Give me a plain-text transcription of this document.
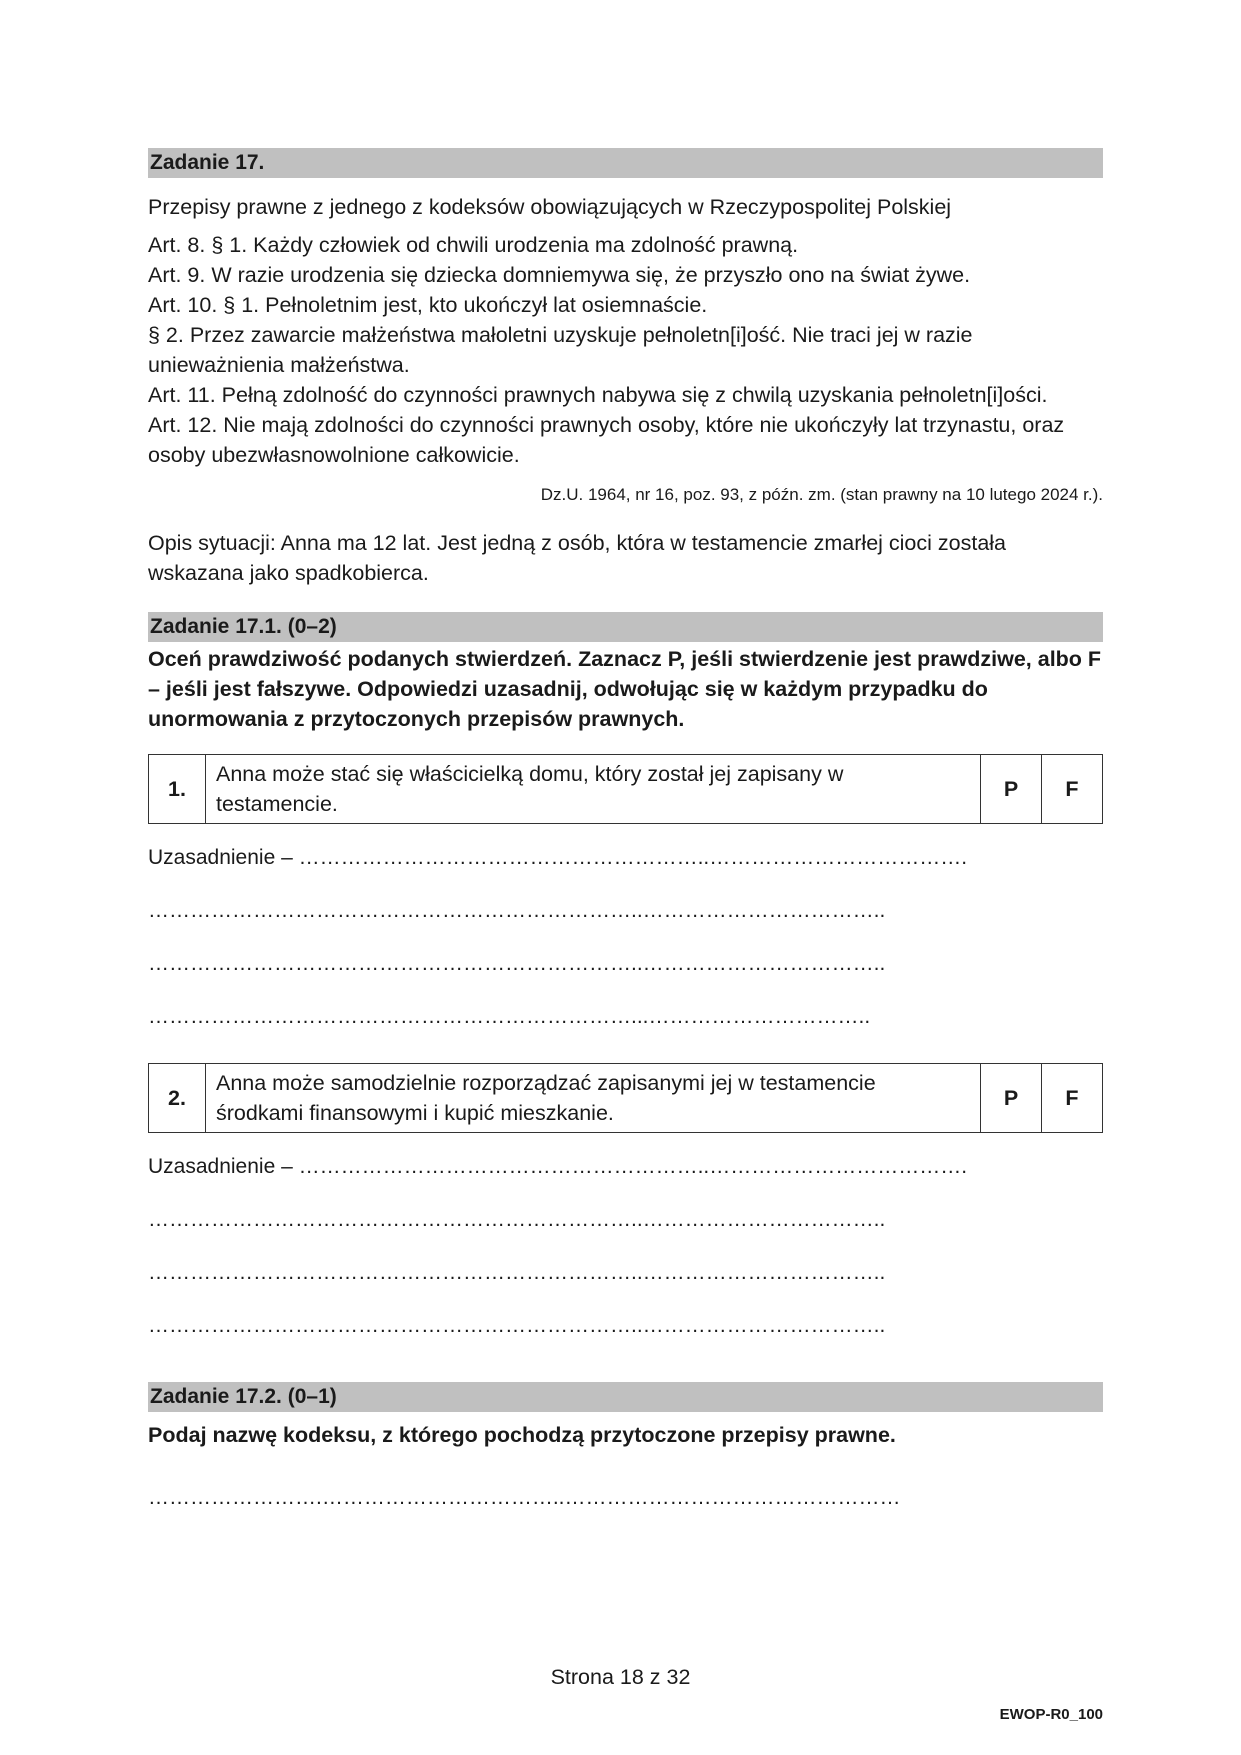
Zadanie 17.

Przepisy prawne z jednego z kodeksów obowiązujących w Rzeczypospolitej Polskiej

Art. 8. § 1. Każdy człowiek od chwili urodzenia ma zdolność prawną.

Art. 9. W razie urodzenia się dziecka domniemywa się, że przyszło ono na świat żywe.

Art. 10. § 1. Pełnoletnim jest, kto ukończył lat osiemnaście.

§ 2. Przez zawarcie małżeństwa małoletni uzyskuje pełnoletn[i]ość. Nie traci jej w razie unieważnienia małżeństwa.

Art. 11. Pełną zdolność do czynności prawnych nabywa się z chwilą uzyskania pełnoletn[i]ości.

Art. 12. Nie mają zdolności do czynności prawnych osoby, które nie ukończyły lat trzynastu, oraz osoby ubezwłasnowolnione całkowicie.

Dz.U. 1964, nr 16, poz. 93, z późn. zm. (stan prawny na 10 lutego 2024 r.).

Opis sytuacji: Anna ma 12 lat. Jest jedną z osób, która w testamencie zmarłej cioci została wskazana jako spadkobierca.

Zadanie 17.1. (0–2)

Oceń prawdziwość podanych stwierdzeń. Zaznacz P, jeśli stwierdzenie jest prawdziwe, albo F – jeśli jest fałszywe. Odpowiedzi uzasadnij, odwołując się w każdym przypadku do unormowania z przytoczonych przepisów prawnych.

1.	Anna może stać się właścicielką domu, który został jej zapisany w testamencie.	P	F
Uzasadnienie – …………………………………………………..……………………………….
……………………………………………………………..……………………………..
……………………………………………………………..……………………………..
……………………………………………………………...…………………………..
2.	Anna może samodzielnie rozporządzać zapisanymi jej w testamencie środkami finansowymi i kupić mieszkanie.	P	F
Uzasadnienie – …………………………………………………..……………………………….
……………………………………………………………..……………………………..
……………………………………………………………..……………………………..
……………………………………………………………..……………………………..
Zadanie 17.2. (0–1)

Podaj nazwę kodeksu, z którego pochodzą przytoczone przepisy prawne.

…………………….……………………………..…………………………………………
Strona 18 z 32
EWOP-R0_100
